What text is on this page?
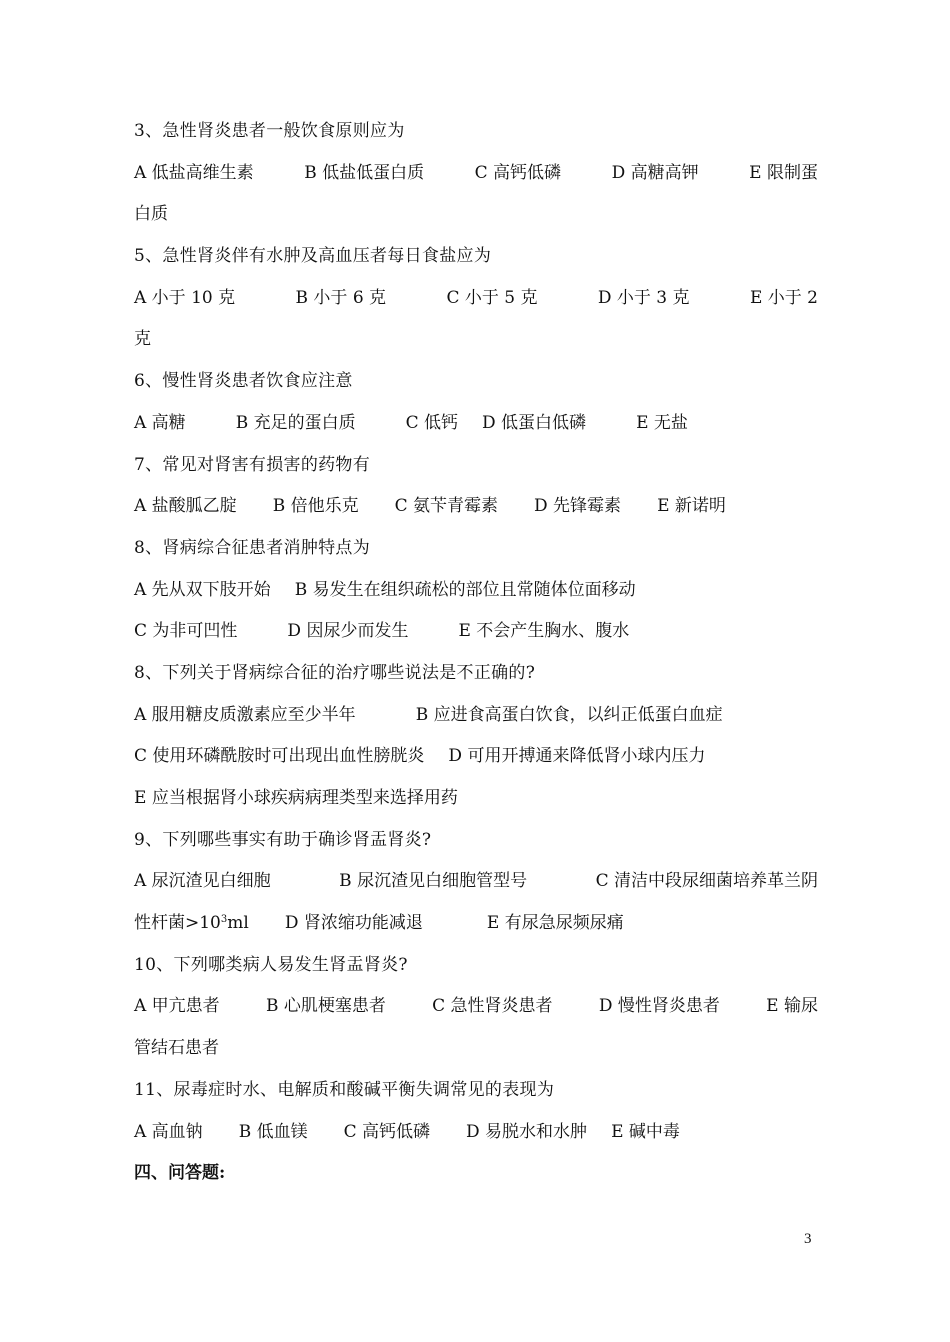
3、急性肾炎患者一般饮食原则应为
A 低盐高维生素	B 低盐低蛋白质	C 高钙低磷	D 高糖高钾	E 限制蛋
白质
5、急性肾炎伴有水肿及高血压者每日食盐应为
A 小于 10 克	B 小于 6 克	C 小于 5 克	D 小于 3 克	E 小于 2
克
6、慢性肾炎患者饮食应注意
A 高糖	B 充足的蛋白质	C 低钙 D 低蛋白低磷	E 无盐
7、常见对肾害有损害的药物有
A 盐酸胍乙腚 B 倍他乐克 C 氨苄青霉素 D 先锋霉素 E 新诺明
8、肾病综合征患者消肿特点为
A 先从双下肢开始 B 易发生在组织疏松的部位且常随体位面移动
C 为非可凹性	D 因尿少而发生	E 不会产生胸水、腹水
8、下列关于肾病综合征的治疗哪些说法是不正确的?
A 服用糖皮质激素应至少半年	B 应进食高蛋白饮食，以纠正低蛋白血症
C 使用环磷酰胺时可出现出血性膀胱炎 D 可用开搏通来降低肾小球内压力
E 应当根据肾小球疾病病理类型来选择用药
9、下列哪些事实有助于确诊肾盂肾炎?
A 尿沉渣见白细胞	B 尿沉渣见白细胞管型号	C 清洁中段尿细菌培养革兰阴
性杆菌$>10^3ml$ D 肾浓缩功能减退	E 有尿急尿频尿痛
10、下列哪类病人易发生肾盂肾炎?
A 甲亢患者	B 心肌梗塞患者	C 急性肾炎患者	D 慢性肾炎患者	E 输尿
管结石患者
11、尿毒症时水、电解质和酸碱平衡失调常见的表现为
A 高血钠 B 低血镁 C 高钙低磷 D 易脱水和水肿 E 碱中毒
四、问答题:
3
